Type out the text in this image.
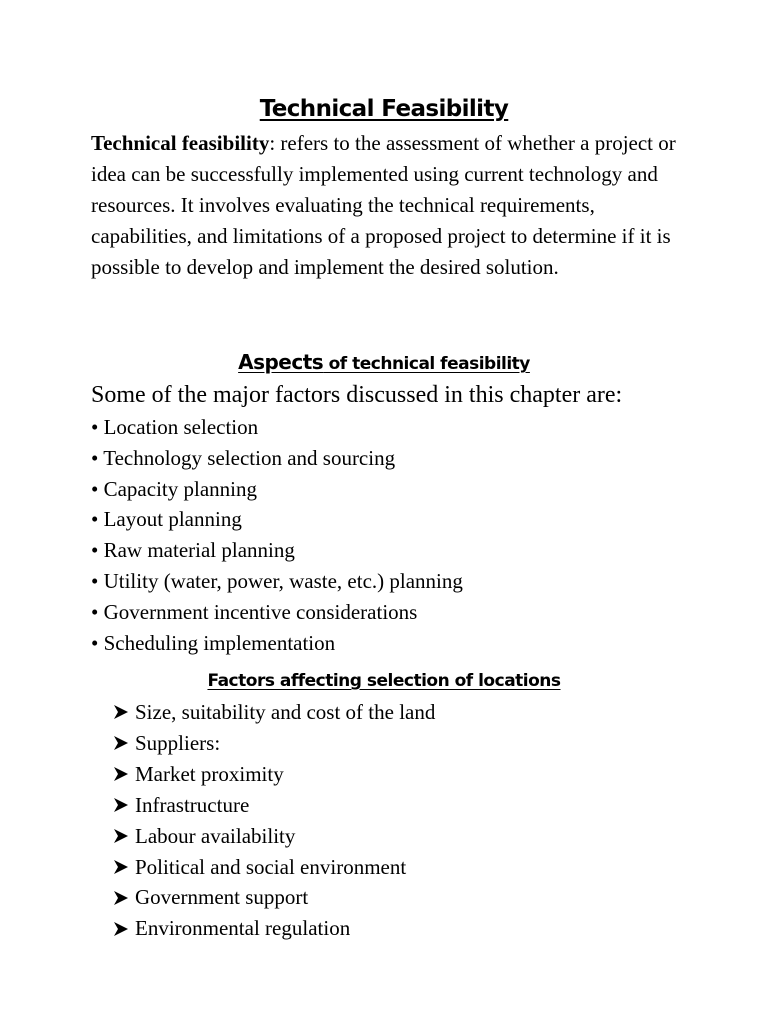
Technical Feasibility
Technical feasibility: refers to the assessment of whether a project or idea can be successfully implemented using current technology and resources. It involves evaluating the technical requirements, capabilities, and limitations of a proposed project to determine if it is possible to develop and implement the desired solution.
Aspects of technical feasibility
Some of the major factors discussed in this chapter are:
• Location selection
• Technology selection and sourcing
• Capacity planning
• Layout planning
• Raw material planning
• Utility (water, power, waste, etc.) planning
• Government incentive considerations
• Scheduling implementation
Factors affecting selection of locations
Size, suitability and cost of the land
Suppliers:
Market proximity
Infrastructure
Labour availability
Political and social environment
Government support
Environmental regulation
